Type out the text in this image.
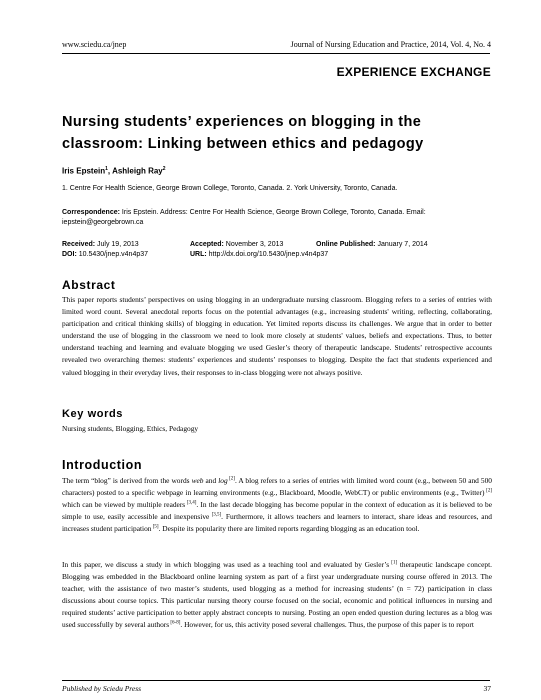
www.sciedu.ca/jnep	Journal of Nursing Education and Practice, 2014, Vol. 4, No. 4
EXPERIENCE EXCHANGE
Nursing students’ experiences on blogging in the
classroom: Linking between ethics and pedagogy
Iris Epstein$^1$, Ashleigh Ray$^2$
1. Centre For Health Science, George Brown College, Toronto, Canada. 2. York University, Toronto, Canada.
Correspondence: Iris Epstein. Address: Centre For Health Science, George Brown College, Toronto, Canada. Email: iepstein@georgebrown.ca
Received: July 19, 2013	Accepted: November 3, 2013	Online Published: January 7, 2014
DOI: 10.5430/jnep.v4n4p37	URL: http://dx.doi.org/10.5430/jnep.v4n4p37
Abstract
This paper reports students’ perspectives on using blogging in an undergraduate nursing classroom. Blogging refers to a series of entries with limited word count. Several anecdotal reports focus on the potential advantages (e.g., increasing students' writing, reflecting, collaborating, participation and critical thinking skills) of blogging in education. Yet limited reports discuss its challenges. We argue that in order to better understand the use of blogging in the classroom we need to look more closely at students' values, beliefs and expectations. Thus, to better understand teaching and learning and evaluate blogging we used Gesler’s theory of therapeutic landscape. Students’ retrospective accounts revealed two overarching themes: students’ experiences and students’ responses to blogging. Despite the fact that students experienced and valued blogging in their everyday lives, their responses to in-class blogging were not always positive.
Key words
Nursing students, Blogging, Ethics, Pedagogy
Introduction
The term “blog” is derived from the words web and log [2]. A blog refers to a series of entries with limited word count (e.g., between 50 and 500 characters) posted to a specific webpage in learning environments (e.g., Blackboard, Moodle, WebCT) or public environments (e.g., Twitter) [2] which can be viewed by multiple readers [3,4]. In the last decade blogging has become popular in the context of education as it is believed to be simple to use, easily accessible and inexpensive [3,5]. Furthermore, it allows teachers and learners to interact, share ideas and resources, and increases student participation [5]. Despite its popularity there are limited reports regarding blogging as an education tool.
In this paper, we discuss a study in which blogging was used as a teaching tool and evaluated by Gesler’s [1] therapeutic landscape concept. Blogging was embedded in the Blackboard online learning system as part of a first year undergraduate nursing course offered in 2013. The teacher, with the assistance of two master’s students, used blogging as a method for increasing students’ (n = 72) participation in class discussions about course topics. This particular nursing theory course focused on the social, economic and political influences in nursing and required students’ active participation to better apply abstract concepts to nursing. Posting an open ended question during lectures as a blog was used successfully by several authors [6-8]. However, for us, this activity posed several challenges. Thus, the purpose of this paper is to report
Published by Sciedu Press	37
